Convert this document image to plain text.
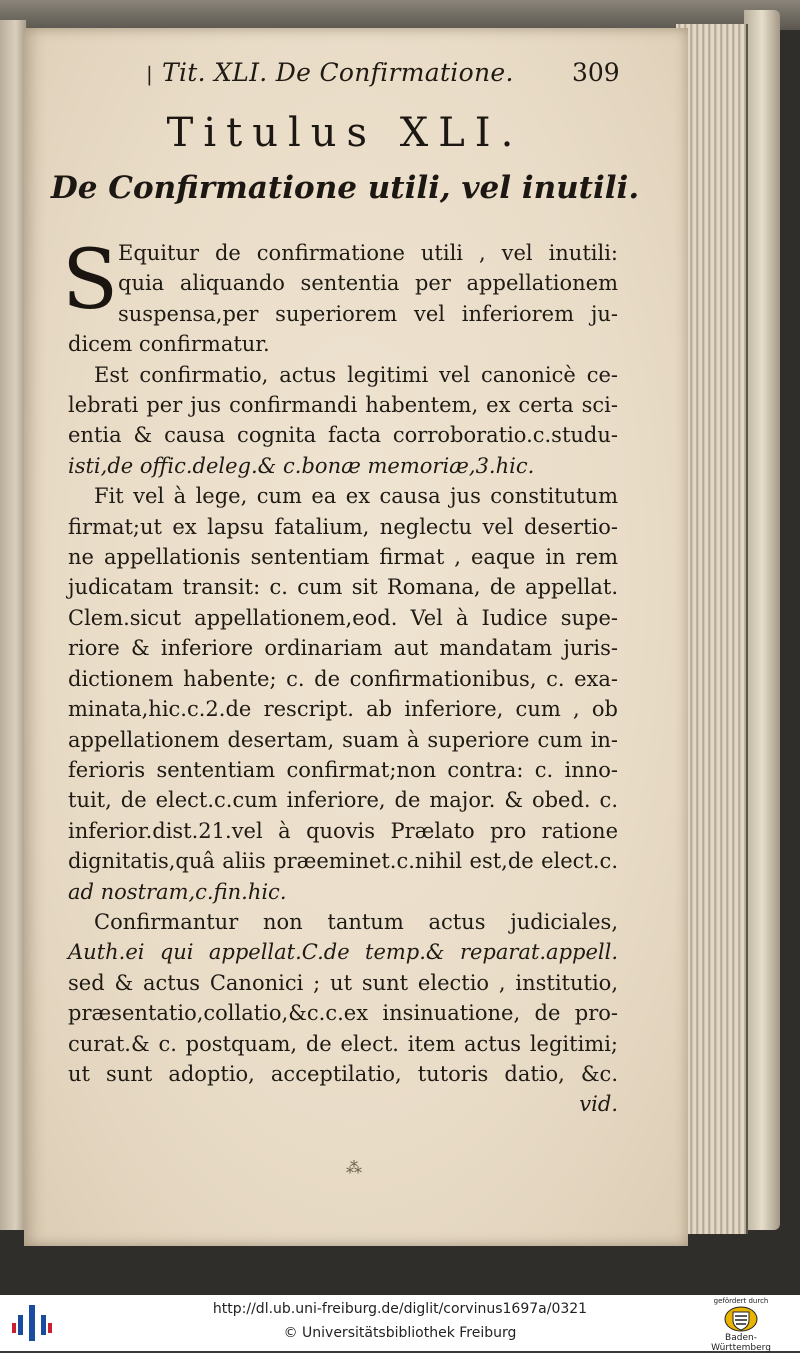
| Tit. XLI. De Confirmatione. 309
Titulus XLI.
De Confirmatione utili, vel inutili.
S Equitur de confirmatione utili , vel inutili:
quia aliquando sententia per appellationem
suspensa,per superiorem vel inferiorem ju-
dicem confirmatur.
Est confirmatio, actus legitimi vel canonicè ce-
lebrati per jus confirmandi habentem, ex certa sci-
entia & causa cognita facta corroboratio.c.studu-
isti,de offic.deleg.& c.bonæ memoriæ,3.hic.
Fit vel à lege, cum ea ex causa jus constitutum
firmat;ut ex lapsu fatalium, neglectu vel desertio-
ne appellationis sententiam firmat , eaque in rem
judicatam transit: c. cum sit Romana, de appellat.
Clem.sicut appellationem,eod. Vel à Iudice supe-
riore & inferiore ordinariam aut mandatam juris-
dictionem habente; c. de confirmationibus, c. exa-
minata,hic.c.2.de rescript. ab inferiore, cum , ob
appellationem desertam, suam à superiore cum in-
ferioris sententiam confirmat;non contra: c. inno-
tuit, de elect.c.cum inferiore, de major. & obed. c.
inferior.dist.21.vel à quovis Prælato pro ratione
dignitatis,quâ aliis præeminet.c.nihil est,de elect.c.
ad nostram,c.fin.hic.
Confirmantur non tantum actus judiciales,
Auth.ei qui appellat.C.de temp.& reparat.appell.
sed & actus Canonici ; ut sunt electio , institutio,
præsentatio,collatio,&c.c.ex insinuatione, de pro-
curat.& c. postquam, de elect. item actus legitimi;
ut sunt adoptio, acceptilatio, tutoris datio, &c.
vid.
⁂
http://dl.ub.uni-freiburg.de/diglit/corvinus1697a/0321
© Universitätsbibliothek Freiburg
gefördert durch
Baden-Württemberg
